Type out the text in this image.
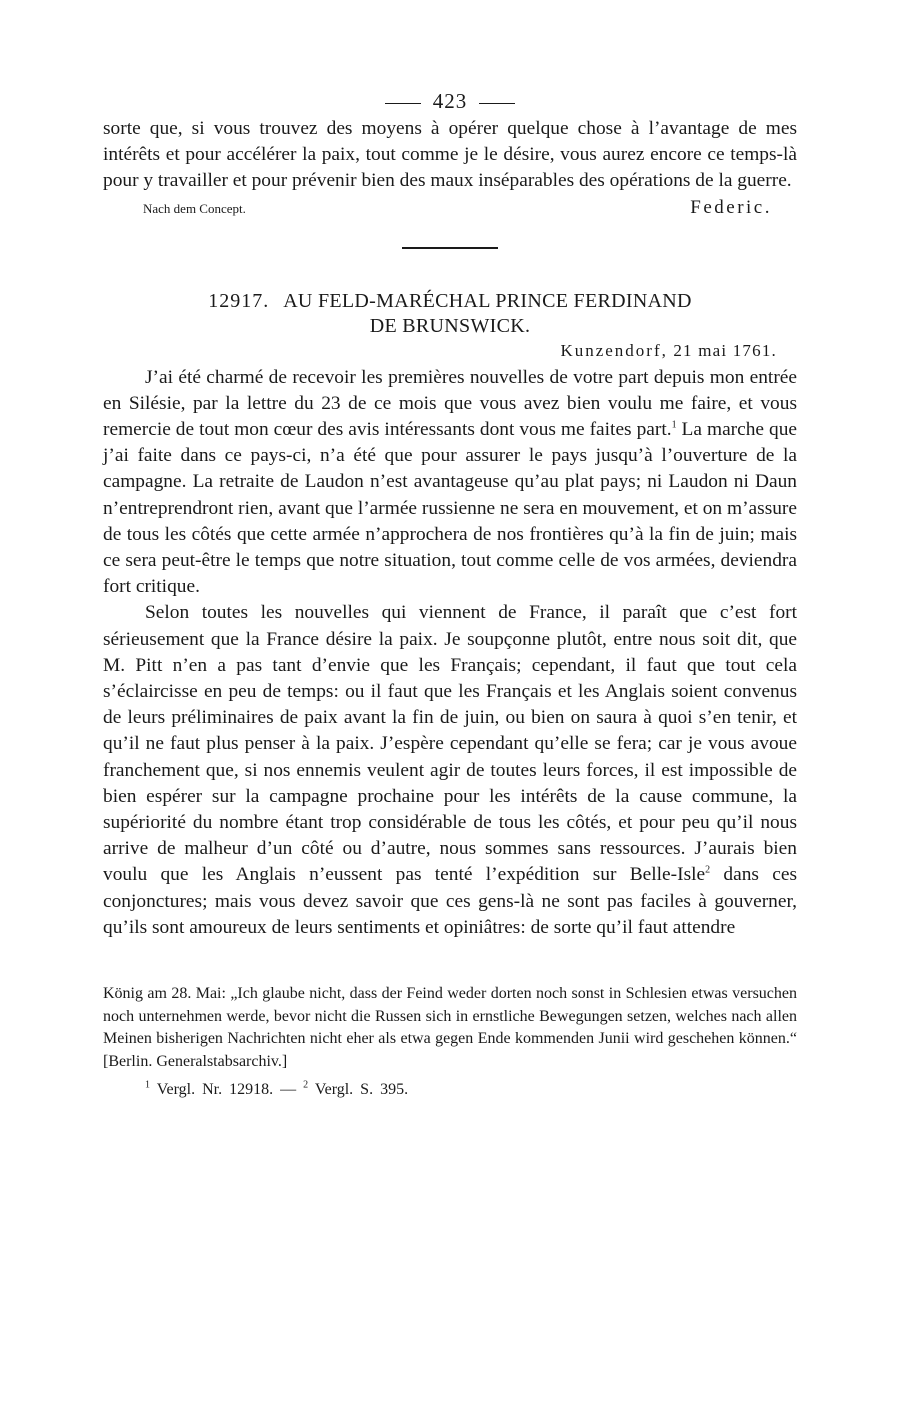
423

sorte que, si vous trouvez des moyens à opérer quelque chose à l’avantage de mes intérêts et pour accélérer la paix, tout comme je le désire, vous aurez encore ce temps-là pour y travailler et pour prévenir bien des maux inséparables des opérations de la guerre.

Nach dem Concept.	Federic.
12917. AU FELD-MARÉCHAL PRINCE FERDINAND
DE BRUNSWICK.
Kunzendorf, 21 mai 1761.

J’ai été charmé de recevoir les premières nouvelles de votre part depuis mon entrée en Silésie, par la lettre du 23 de ce mois que vous avez bien voulu me faire, et vous remercie de tout mon cœur des avis intéressants dont vous me faites part.$^1$ La marche que j’ai faite dans ce pays-ci, n’a été que pour assurer le pays jusqu’à l’ouverture de la campagne. La retraite de Laudon n’est avantageuse qu’au plat pays; ni Laudon ni Daun n’entreprendront rien, avant que l’armée russienne ne sera en mouvement, et on m’assure de tous les côtés que cette armée n’approchera de nos frontières qu’à la fin de juin; mais ce sera peut-être le temps que notre situation, tout comme celle de vos armées, deviendra fort critique.

Selon toutes les nouvelles qui viennent de France, il paraît que c’est fort sérieusement que la France désire la paix. Je soupçonne plutôt, entre nous soit dit, que M. Pitt n’en a pas tant d’envie que les Français; cependant, il faut que tout cela s’éclaircisse en peu de temps: ou il faut que les Français et les Anglais soient convenus de leurs préliminaires de paix avant la fin de juin, ou bien on saura à quoi s’en tenir, et qu’il ne faut plus penser à la paix. J’espère cependant qu’elle se fera; car je vous avoue franchement que, si nos ennemis veulent agir de toutes leurs forces, il est impossible de bien espérer sur la campagne prochaine pour les intérêts de la cause commune, la supériorité du nombre étant trop considérable de tous les côtés, et pour peu qu’il nous arrive de malheur d’un côté ou d’autre, nous sommes sans ressources. J’aurais bien voulu que les Anglais n’eussent pas tenté l’expédition sur Belle-Isle$^2$ dans ces conjonctures; mais vous devez savoir que ces gens-là ne sont pas faciles à gouverner, qu’ils sont amoureux de leurs sentiments et opiniâtres: de sorte qu’il faut attendre

König am 28. Mai: „Ich glaube nicht, dass der Feind weder dorten noch sonst in Schlesien etwas versuchen noch unternehmen werde, bevor nicht die Russen sich in ernstliche Bewegungen setzen, welches nach allen Meinen bisherigen Nachrichten nicht eher als etwa gegen Ende kommenden Junii wird geschehen können.“ [Berlin. Generalstabsarchiv.]

$^1$ Vergl. Nr. 12918. — $^2$ Vergl. S. 395.
